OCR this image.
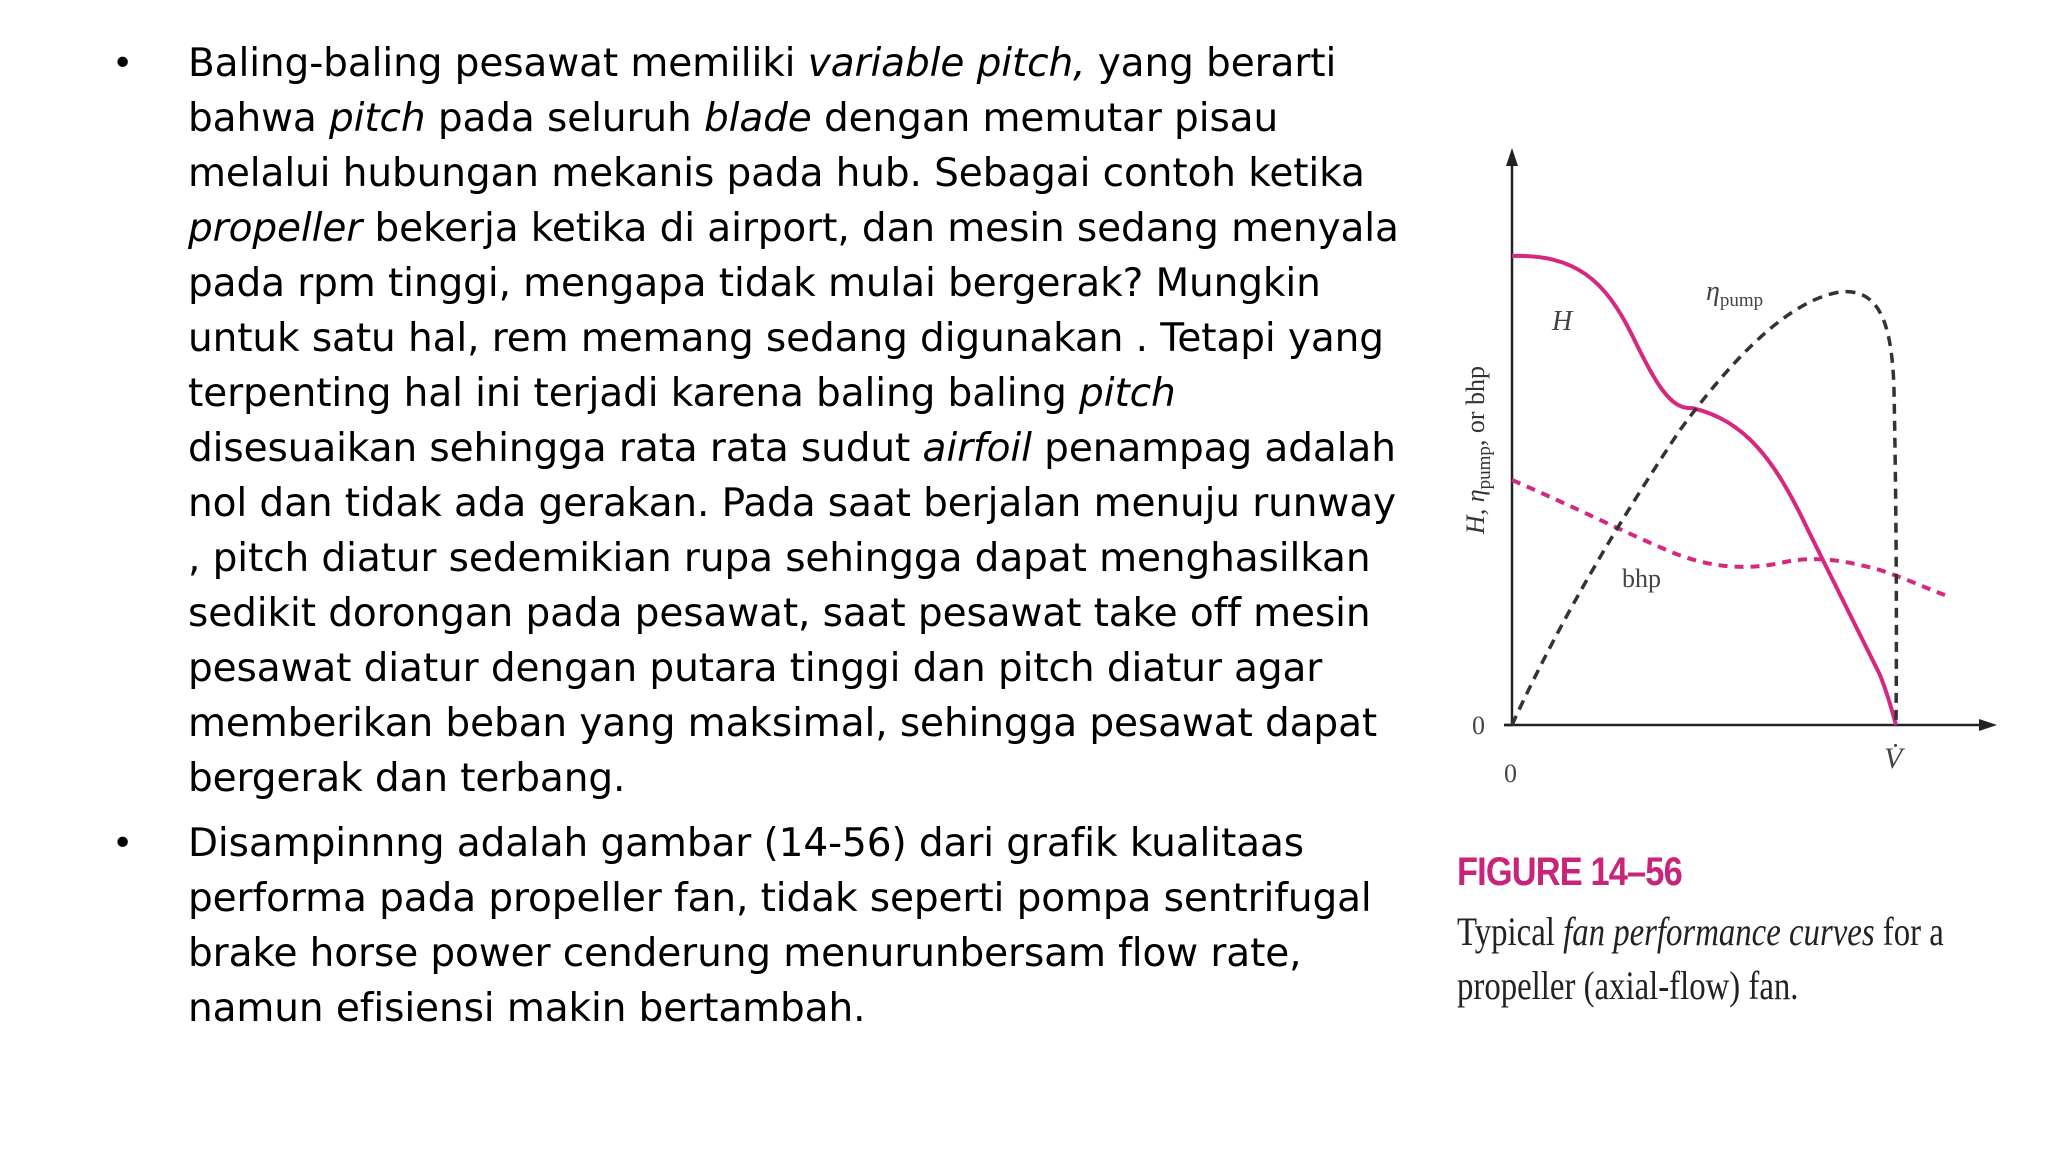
• Baling-baling pesawat memiliki variable pitch, yang berarti
bahwa pitch pada seluruh blade dengan memutar pisau
melalui hubungan mekanis pada hub. Sebagai contoh ketika
propeller bekerja ketika di airport, dan mesin sedang menyala
pada rpm tinggi, mengapa tidak mulai bergerak? Mungkin
untuk satu hal, rem memang sedang digunakan . Tetapi yang
terpenting hal ini terjadi karena baling baling pitch
disesuaikan sehingga rata rata sudut airfoil penampag adalah
nol dan tidak ada gerakan. Pada saat berjalan menuju runway
, pitch diatur sedemikian rupa sehingga dapat menghasilkan
sedikit dorongan pada pesawat, saat pesawat take off mesin
pesawat diatur dengan putara tinggi dan pitch diatur agar
memberikan beban yang maksimal, sehingga pesawat dapat
bergerak dan terbang.
• Disampinnng adalah gambar (14-56) dari grafik kualitaas
performa pada propeller fan, tidak seperti pompa sentrifugal
brake horse power cenderung menurunbersam flow rate,
namun efisiensi makin bertambah.
H, $\eta_{pump}$, or bhp
H
$\eta_{pump}$
bhp
0
0	V̇
FIGURE 14–56
Typical fan performance curves for a
propeller (axial-flow) fan.
